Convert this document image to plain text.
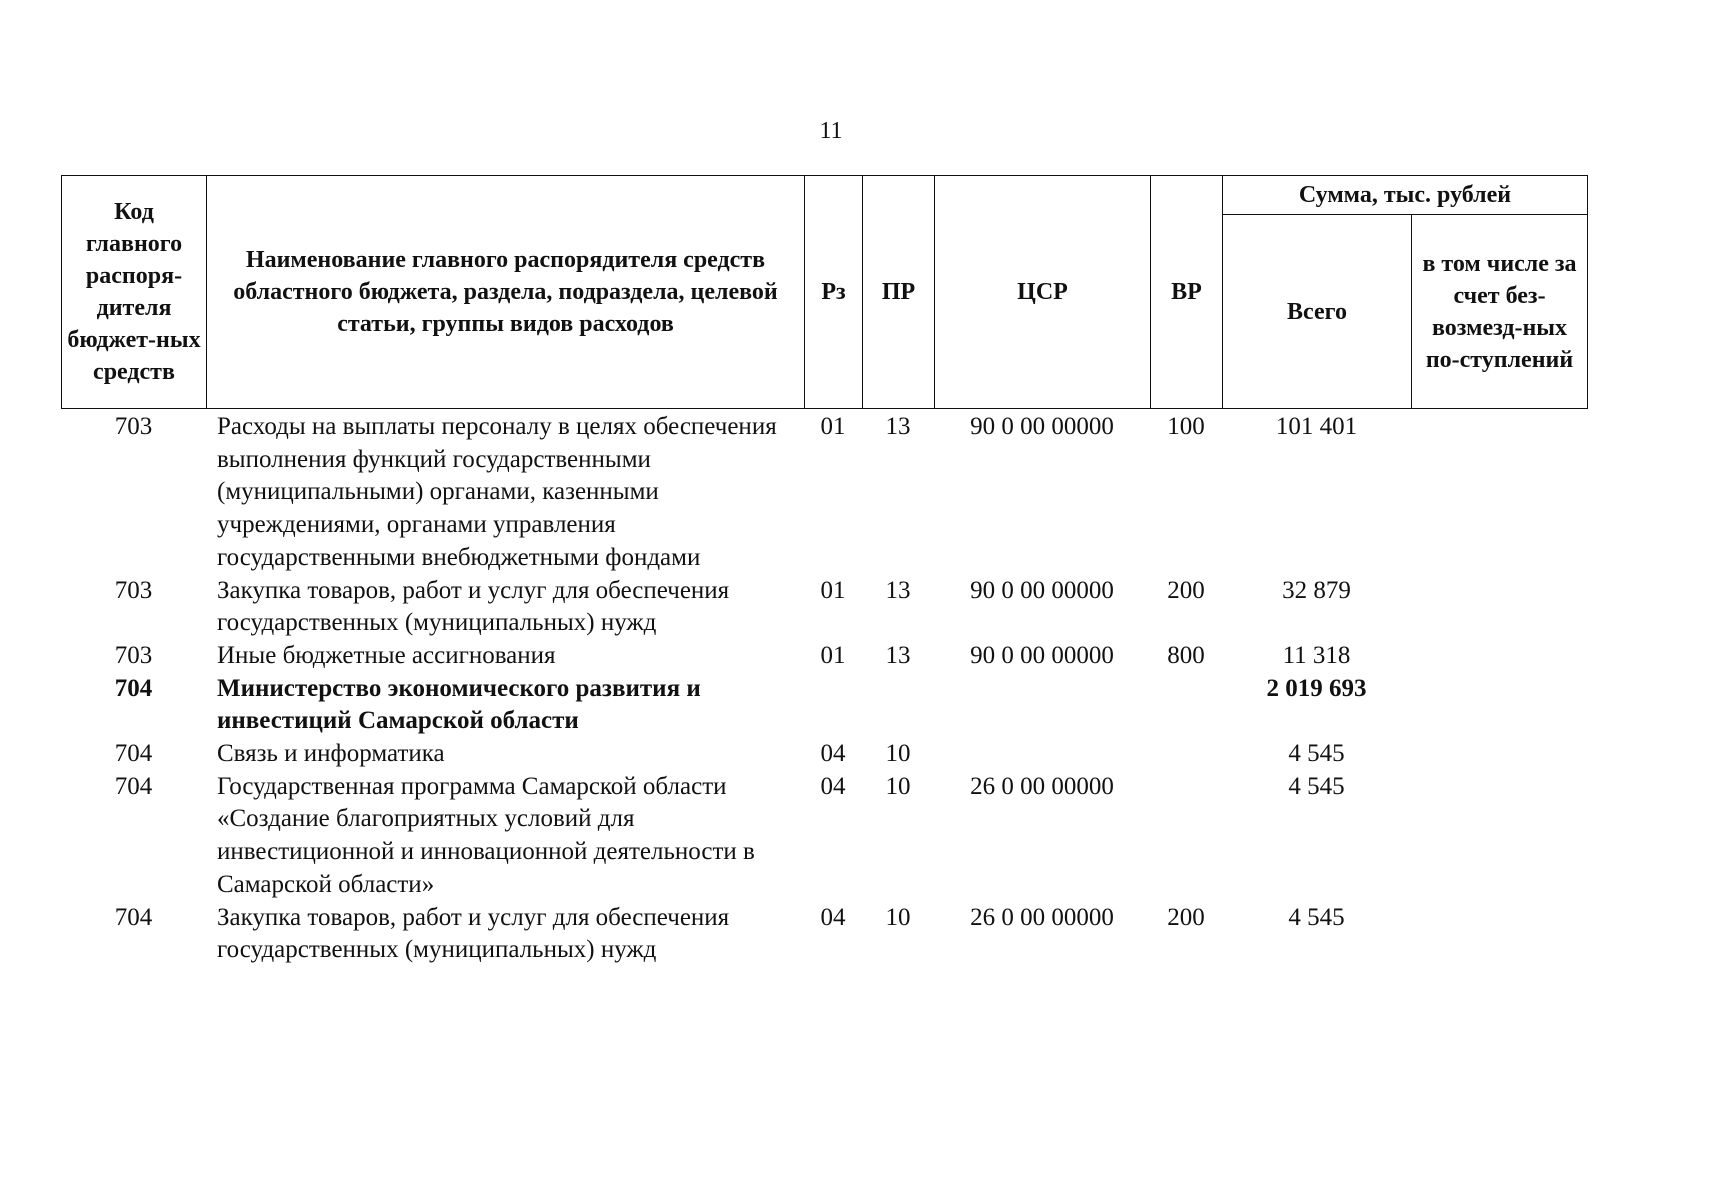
11
Код главного распоря-дителя бюджет-ных средств	Наименование главного распорядителя средств областного бюджета, раздела, подраздела, целевой статьи, группы видов расходов	Рз	ПР	ЦСР	ВР	Сумма, тыс. рублей	
						Всего	в том числе за счет без-возмезд-ных по-ступлений
703	Расходы на выплаты персоналу в целях обеспечения выполнения функций государственными (муниципальными) органами, казенными учреждениями, органами управления государственными внебюджетными фондами	01	13	90 0 00 00000	100	101 401	
703	Закупка товаров, работ и услуг для обеспечения государственных (муниципальных) нужд	01	13	90 0 00 00000	200	32 879	
703	Иные бюджетные ассигнования	01	13	90 0 00 00000	800	11 318	
704	Министерство экономического развития и инвестиций Самарской области					2 019 693	
704	Связь и информатика	04	10			4 545	
704	Государственная программа Самарской области «Создание благоприятных условий для инвестиционной и инновационной деятельности в Самарской области»	04	10	26 0 00 00000		4 545	
704	Закупка товаров, работ и услуг для обеспечения государственных (муниципальных) нужд	04	10	26 0 00 00000	200	4 545	
